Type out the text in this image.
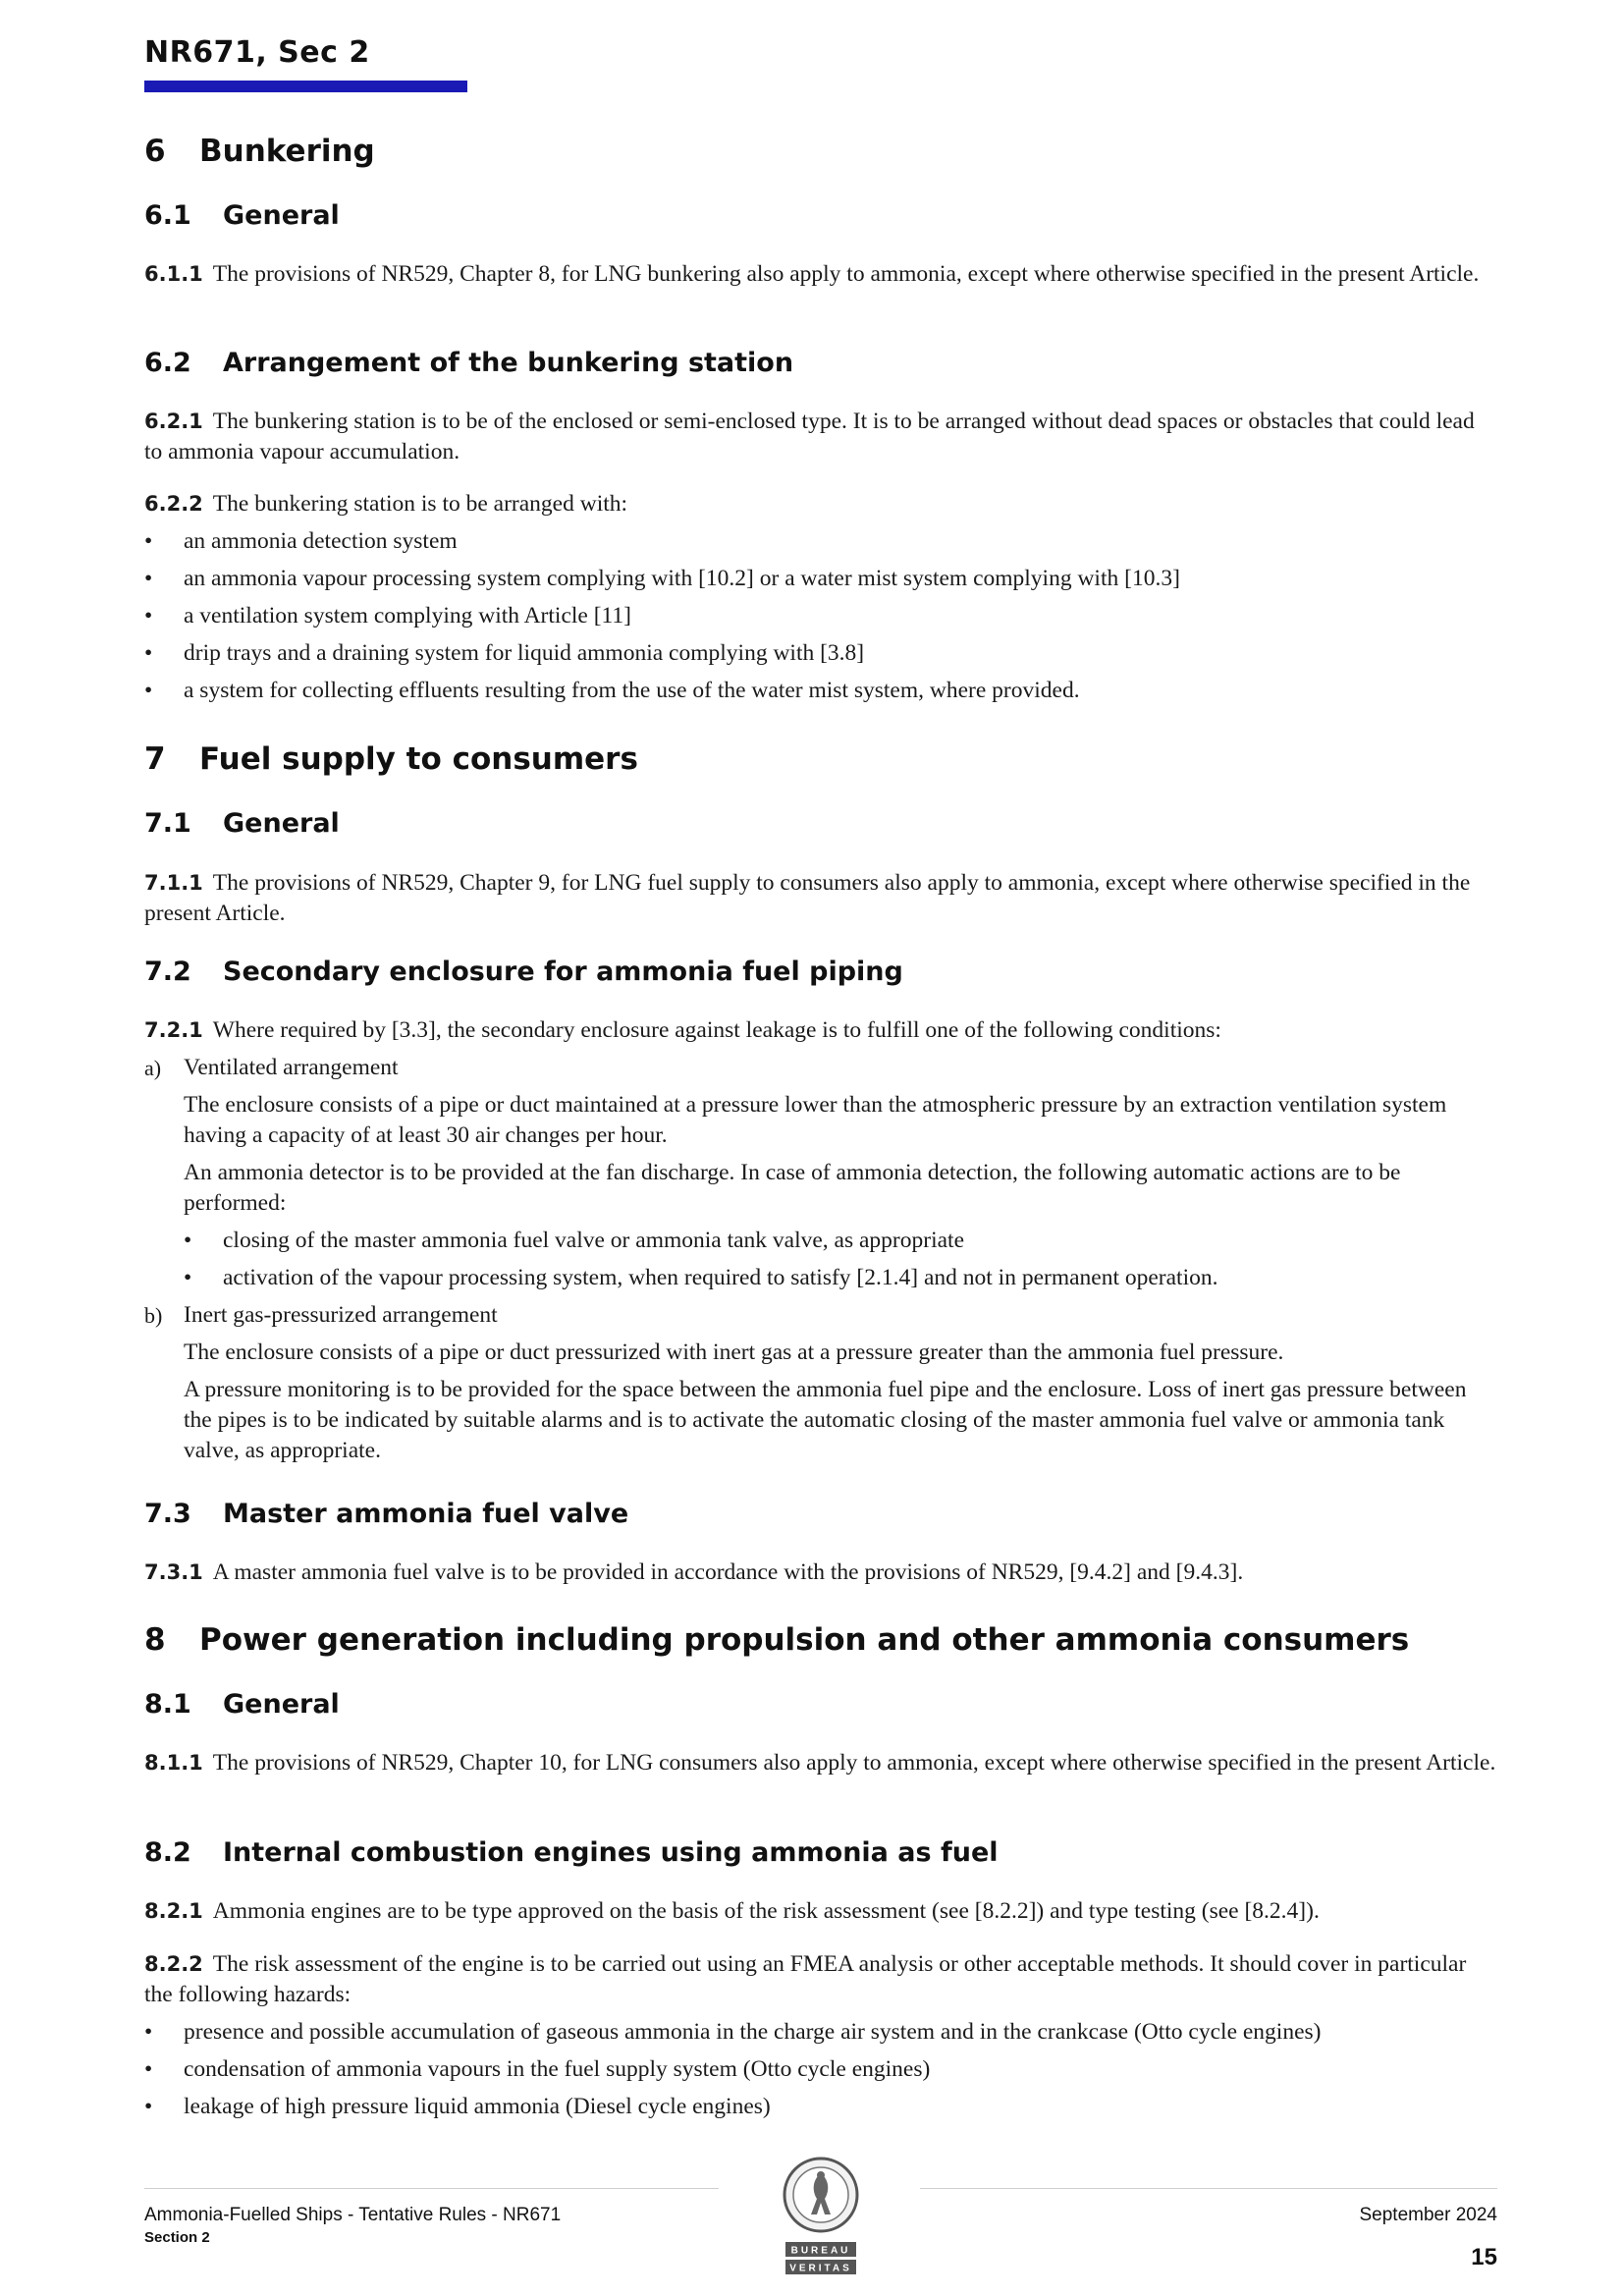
NR671, Sec 2
6 Bunkering
6.1 General

6.1.1 The provisions of NR529, Chapter 8, for LNG bunkering also apply to ammonia, except where otherwise specified in the present Article.

6.2 Arrangement of the bunkering station

6.2.1 The bunkering station is to be of the enclosed or semi-enclosed type. It is to be arranged without dead spaces or obstacles that could lead to ammonia vapour accumulation.

6.2.2 The bunkering station is to be arranged with:

•	an ammonia detection system
•	an ammonia vapour processing system complying with [10.2] or a water mist system complying with [10.3]
•	a ventilation system complying with Article [11]
•	drip trays and a draining system for liquid ammonia complying with [3.8]
•	a system for collecting effluents resulting from the use of the water mist system, where provided.
7 Fuel supply to consumers
7.1 General

7.1.1 The provisions of NR529, Chapter 9, for LNG fuel supply to consumers also apply to ammonia, except where otherwise specified in the present Article.

7.2 Secondary enclosure for ammonia fuel piping

7.2.1 Where required by [3.3], the secondary enclosure against leakage is to fulfill one of the following conditions:

a) Ventilated arrangement

The enclosure consists of a pipe or duct maintained at a pressure lower than the atmospheric pressure by an extraction ventilation system having a capacity of at least 30 air changes per hour.

An ammonia detector is to be provided at the fan discharge. In case of ammonia detection, the following automatic actions are to be performed:

•	closing of the master ammonia fuel valve or ammonia tank valve, as appropriate
•	activation of the vapour processing system, when required to satisfy [2.1.4] and not in permanent operation.
b) Inert gas-pressurized arrangement

The enclosure consists of a pipe or duct pressurized with inert gas at a pressure greater than the ammonia fuel pressure.

A pressure monitoring is to be provided for the space between the ammonia fuel pipe and the enclosure. Loss of inert gas pressure between the pipes is to be indicated by suitable alarms and is to activate the automatic closing of the master ammonia fuel valve or ammonia tank valve, as appropriate.

7.3 Master ammonia fuel valve

7.3.1 A master ammonia fuel valve is to be provided in accordance with the provisions of NR529, [9.4.2] and [9.4.3].

8 Power generation including propulsion and other ammonia consumers
8.1 General

8.1.1 The provisions of NR529, Chapter 10, for LNG consumers also apply to ammonia, except where otherwise specified in the present Article.

8.2 Internal combustion engines using ammonia as fuel

8.2.1 Ammonia engines are to be type approved on the basis of the risk assessment (see [8.2.2]) and type testing (see [8.2.4]).

8.2.2 The risk assessment of the engine is to be carried out using an FMEA analysis or other acceptable methods. It should cover in particular the following hazards:

•	presence and possible accumulation of gaseous ammonia in the charge air system and in the crankcase (Otto cycle engines)
•	condensation of ammonia vapours in the fuel supply system (Otto cycle engines)
•	leakage of high pressure liquid ammonia (Diesel cycle engines)
Ammonia-Fuelled Ships - Tentative Rules - NR671
Section 2
September 2024
15
BUREAU
VERITAS
